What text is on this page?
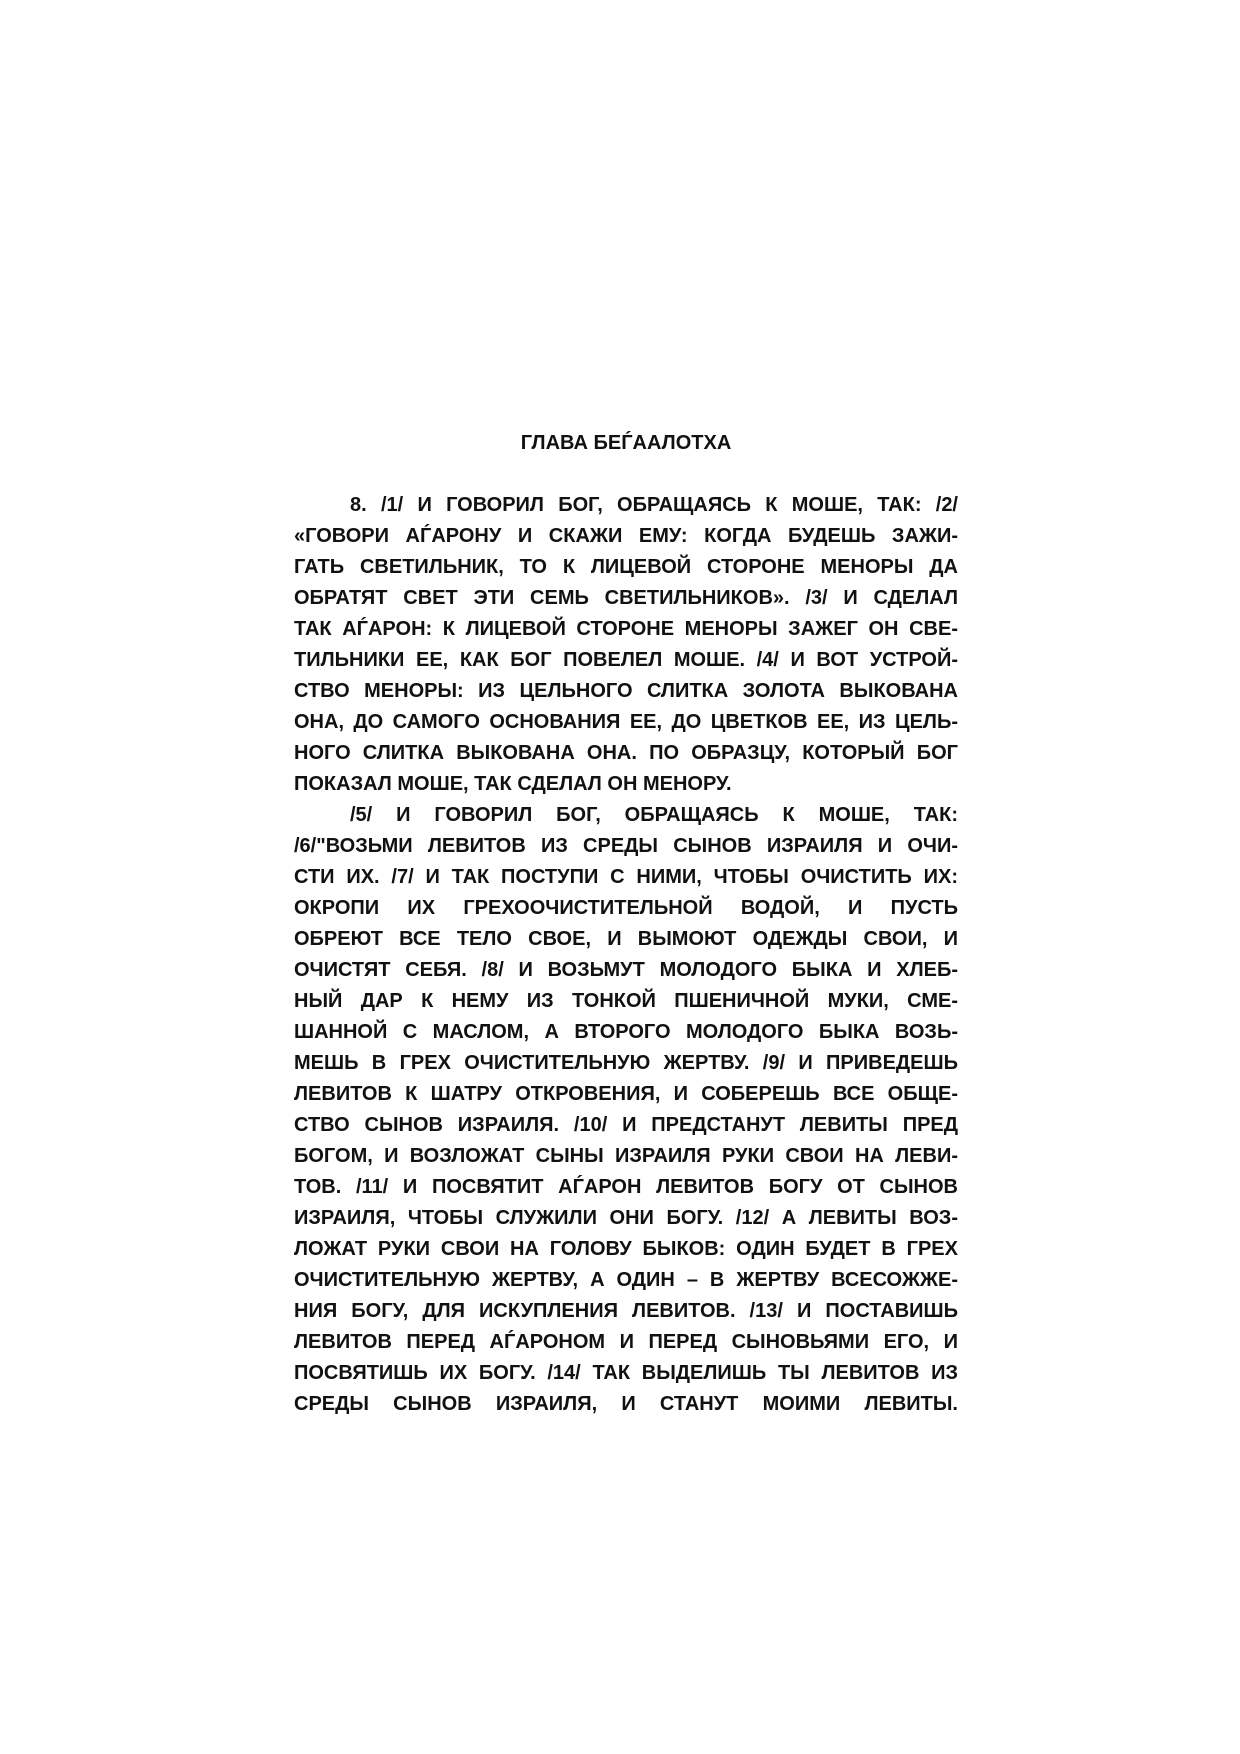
ГЛАВА БЕЃААЛОТХА
8. /1/ И ГОВОРИЛ БОГ, ОБРАЩАЯСЬ К МОШЕ, ТАК: /2/
«ГОВОРИ АЃАРОНУ И СКАЖИ ЕМУ: КОГДА БУДЕШЬ ЗАЖИ-
ГАТЬ СВЕТИЛЬНИК, ТО К ЛИЦЕВОЙ СТОРОНЕ МЕНОРЫ ДА
ОБРАТЯТ СВЕТ ЭТИ СЕМЬ СВЕТИЛЬНИКОВ». /3/ И СДЕЛАЛ
ТАК АЃАРОН: К ЛИЦЕВОЙ СТОРОНЕ МЕНОРЫ ЗАЖЕГ ОН СВЕ-
ТИЛЬНИКИ ЕЕ, КАК БОГ ПОВЕЛЕЛ МОШЕ. /4/ И ВОТ УСТРОЙ-
СТВО МЕНОРЫ: ИЗ ЦЕЛЬНОГО СЛИТКА ЗОЛОТА ВЫКОВАНА
ОНА, ДО САМОГО ОСНОВАНИЯ ЕЕ, ДО ЦВЕТКОВ ЕЕ, ИЗ ЦЕЛЬ-
НОГО СЛИТКА ВЫКОВАНА ОНА. ПО ОБРАЗЦУ, КОТОРЫЙ БОГ
ПОКАЗАЛ МОШЕ, ТАК СДЕЛАЛ ОН МЕНОРУ.
/5/ И ГОВОРИЛ БОГ, ОБРАЩАЯСЬ К МОШЕ, ТАК:
/6/"ВОЗЬМИ ЛЕВИТОВ ИЗ СРЕДЫ СЫНОВ ИЗРАИЛЯ И ОЧИ-
СТИ ИХ. /7/ И ТАК ПОСТУПИ С НИМИ, ЧТОБЫ ОЧИСТИТЬ ИХ:
ОКРОПИ ИХ ГРЕХООЧИСТИТЕЛЬНОЙ ВОДОЙ, И ПУСТЬ
ОБРЕЮТ ВСЕ ТЕЛО СВОЕ, И ВЫМОЮТ ОДЕЖДЫ СВОИ, И
ОЧИСТЯТ СЕБЯ. /8/ И ВОЗЬМУТ МОЛОДОГО БЫКА И ХЛЕБ-
НЫЙ ДАР К НЕМУ ИЗ ТОНКОЙ ПШЕНИЧНОЙ МУКИ, СМЕ-
ШАННОЙ С МАСЛОМ, А ВТОРОГО МОЛОДОГО БЫКА ВОЗЬ-
МЕШЬ В ГРЕХ ОЧИСТИТЕЛЬНУЮ ЖЕРТВУ. /9/ И ПРИВЕДЕШЬ
ЛЕВИТОВ К ШАТРУ ОТКРОВЕНИЯ, И СОБЕРЕШЬ ВСЕ ОБЩЕ-
СТВО СЫНОВ ИЗРАИЛЯ. /10/ И ПРЕДСТАНУТ ЛЕВИТЫ ПРЕД
БОГОМ, И ВОЗЛОЖАТ СЫНЫ ИЗРАИЛЯ РУКИ СВОИ НА ЛЕВИ-
ТОВ. /11/ И ПОСВЯТИТ АЃАРОН ЛЕВИТОВ БОГУ ОТ СЫНОВ
ИЗРАИЛЯ, ЧТОБЫ СЛУЖИЛИ ОНИ БОГУ. /12/ А ЛЕВИТЫ ВОЗ-
ЛОЖАТ РУКИ СВОИ НА ГОЛОВУ БЫКОВ: ОДИН БУДЕТ В ГРЕХ
ОЧИСТИТЕЛЬНУЮ ЖЕРТВУ, А ОДИН – В ЖЕРТВУ ВСЕСОЖЖЕ-
НИЯ БОГУ, ДЛЯ ИСКУПЛЕНИЯ ЛЕВИТОВ. /13/ И ПОСТАВИШЬ
ЛЕВИТОВ ПЕРЕД АЃАРОНОМ И ПЕРЕД СЫНОВЬЯМИ ЕГО, И
ПОСВЯТИШЬ ИХ БОГУ. /14/ ТАК ВЫДЕЛИШЬ ТЫ ЛЕВИТОВ ИЗ
СРЕДЫ СЫНОВ ИЗРАИЛЯ, И СТАНУТ МОИМИ ЛЕВИТЫ.
